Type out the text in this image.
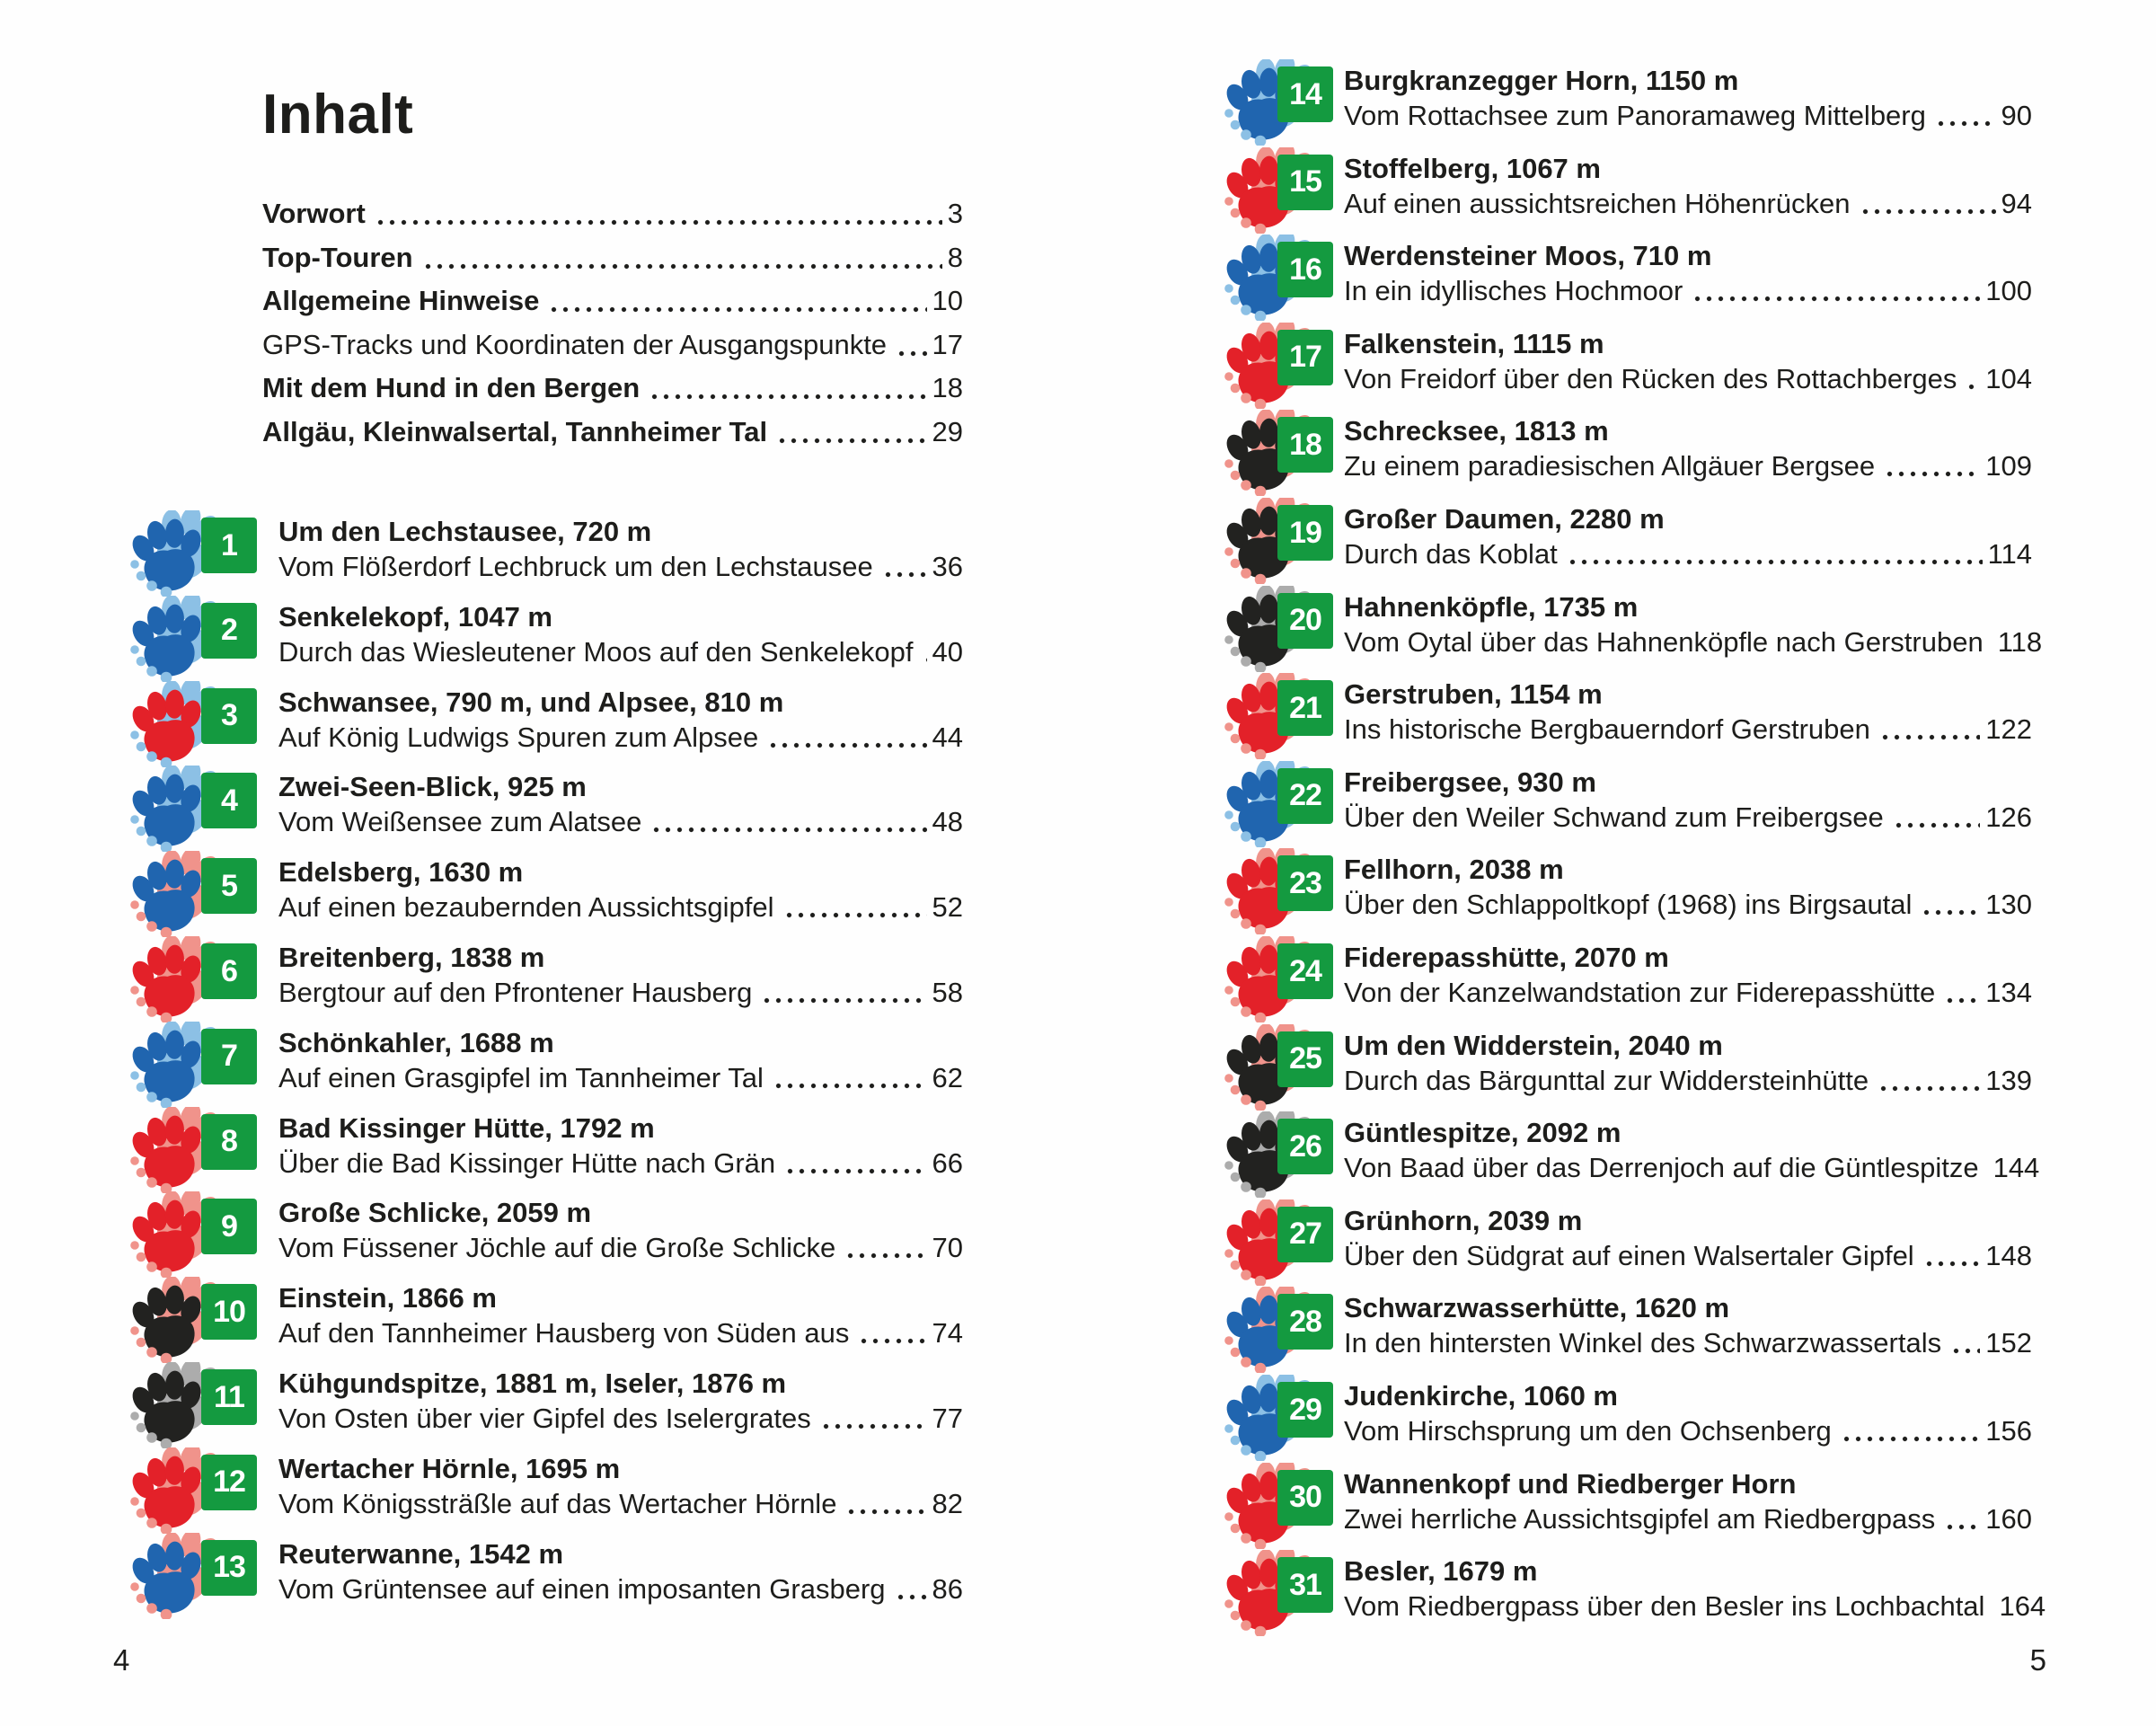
Inhalt
Vorwort	3
Top-Touren	8
Allgemeine Hinweise	10
GPS-Tracks und Koordinaten der Ausgangspunkte 17
Mit dem Hund in den Bergen	18
Allgäu, Kleinwalsertal, Tannheimer Tal	29
1	Um den Lechstausee, 720 m
Vom Flößerdorf Lechbruck um den Lechstausee 36
2	Senkelekopf, 1047 m
Durch das Wiesleutener Moos auf den Senkelekopf 40
3	Schwansee, 790 m, und Alpsee, 810 m
Auf König Ludwigs Spuren zum Alpsee	44
4	Zwei-Seen-Blick, 925 m
Vom Weißensee zum Alatsee	48
5	Edelsberg, 1630 m
Auf einen bezaubernden Aussichtsgipfel	52
6	Breitenberg, 1838 m
Bergtour auf den Pfrontener Hausberg	58
7	Schönkahler, 1688 m
Auf einen Grasgipfel im Tannheimer Tal	62
8	Bad Kissinger Hütte, 1792 m
Über die Bad Kissinger Hütte nach Grän	66
9	Große Schlicke, 2059 m
Vom Füssener Jöchle auf die Große Schlicke	70
10	Einstein, 1866 m
Auf den Tannheimer Hausberg von Süden aus	74
11	Kühgundspitze, 1881 m, Iseler, 1876 m
Von Osten über vier Gipfel des Iselergrates	77
12	Wertacher Hörnle, 1695 m
Vom Königssträßle auf das Wertacher Hörnle	82
13	Reuterwanne, 1542 m
Vom Grüntensee auf einen imposanten Grasberg 86
14 Burgkranzegger Horn, 1150 m
Vom Rottachsee zum Panoramaweg Mittelberg	90
15 Stoffelberg, 1067 m
Auf einen aussichtsreichen Höhenrücken	94
16 Werdensteiner Moos, 710 m
In ein idyllisches Hochmoor	100
17 Falkenstein, 1115 m
Von Freidorf über den Rücken des Rottachberges 104
18 Schrecksee, 1813 m
Zu einem paradiesischen Allgäuer Bergsee	109
19 Großer Daumen, 2280 m
Durch das Koblat	114
20 Hahnenköpfle, 1735 m
Vom Oytal über das Hahnenköpfle nach Gerstruben 118
21 Gerstruben, 1154 m
Ins historische Bergbauerndorf Gerstruben	122
22 Freibergsee, 930 m
Über den Weiler Schwand zum Freibergsee	126
23 Fellhorn, 2038 m
Über den Schlappoltkopf (1968) ins Birgsautal	130
24 Fiderepasshütte, 2070 m
Von der Kanzelwandstation zur Fiderepasshütte 134
25 Um den Widderstein, 2040 m
Durch das Bärgunttal zur Widdersteinhütte	139
26 Güntlespitze, 2092 m
Von Baad über das Derrenjoch auf die Güntlespitze 144
27 Grünhorn, 2039 m
Über den Südgrat auf einen Walsertaler Gipfel	148
28 Schwarzwasserhütte, 1620 m
In den hintersten Winkel des Schwarzwassertals 152
29 Judenkirche, 1060 m
Vom Hirschsprung um den Ochsenberg	156
30 Wannenkopf und Riedberger Horn
Zwei herrliche Aussichtsgipfel am Riedbergpass 160
31 Besler, 1679 m
Vom Riedbergpass über den Besler ins Lochbachtal 164
4	5
